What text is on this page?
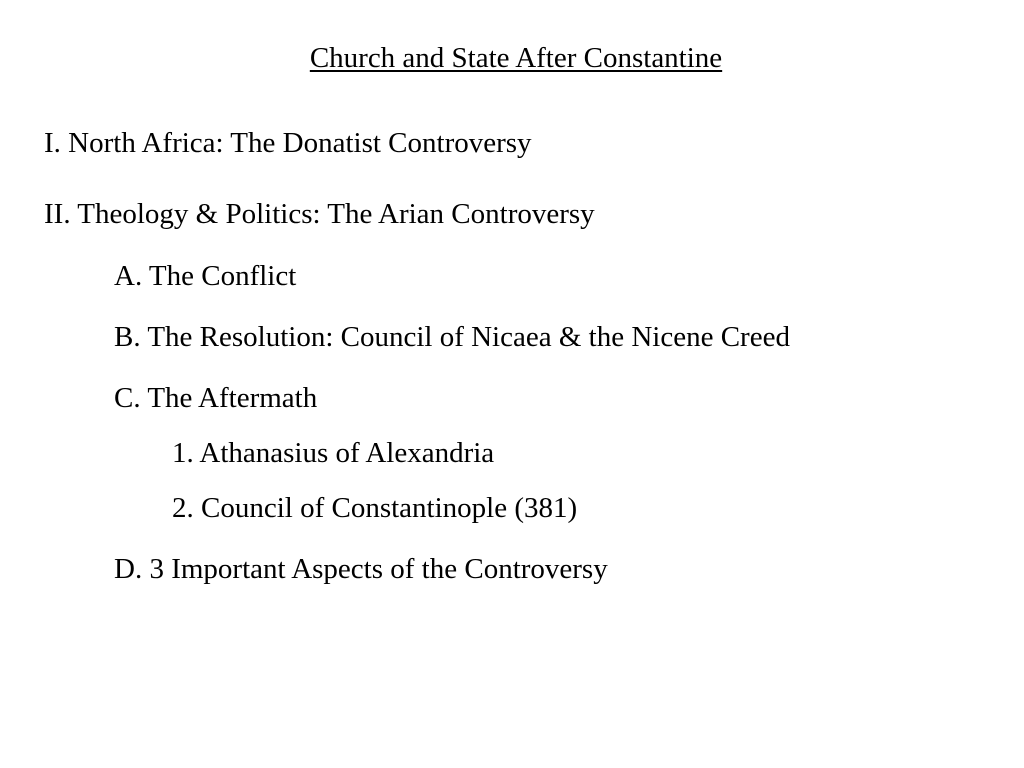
Church and State After Constantine
I. North Africa: The Donatist Controversy
II. Theology & Politics: The Arian Controversy
A. The Conflict
B. The Resolution: Council of Nicaea & the Nicene Creed
C. The Aftermath
1. Athanasius of Alexandria
2. Council of Constantinople (381)
D. 3 Important Aspects of the Controversy
